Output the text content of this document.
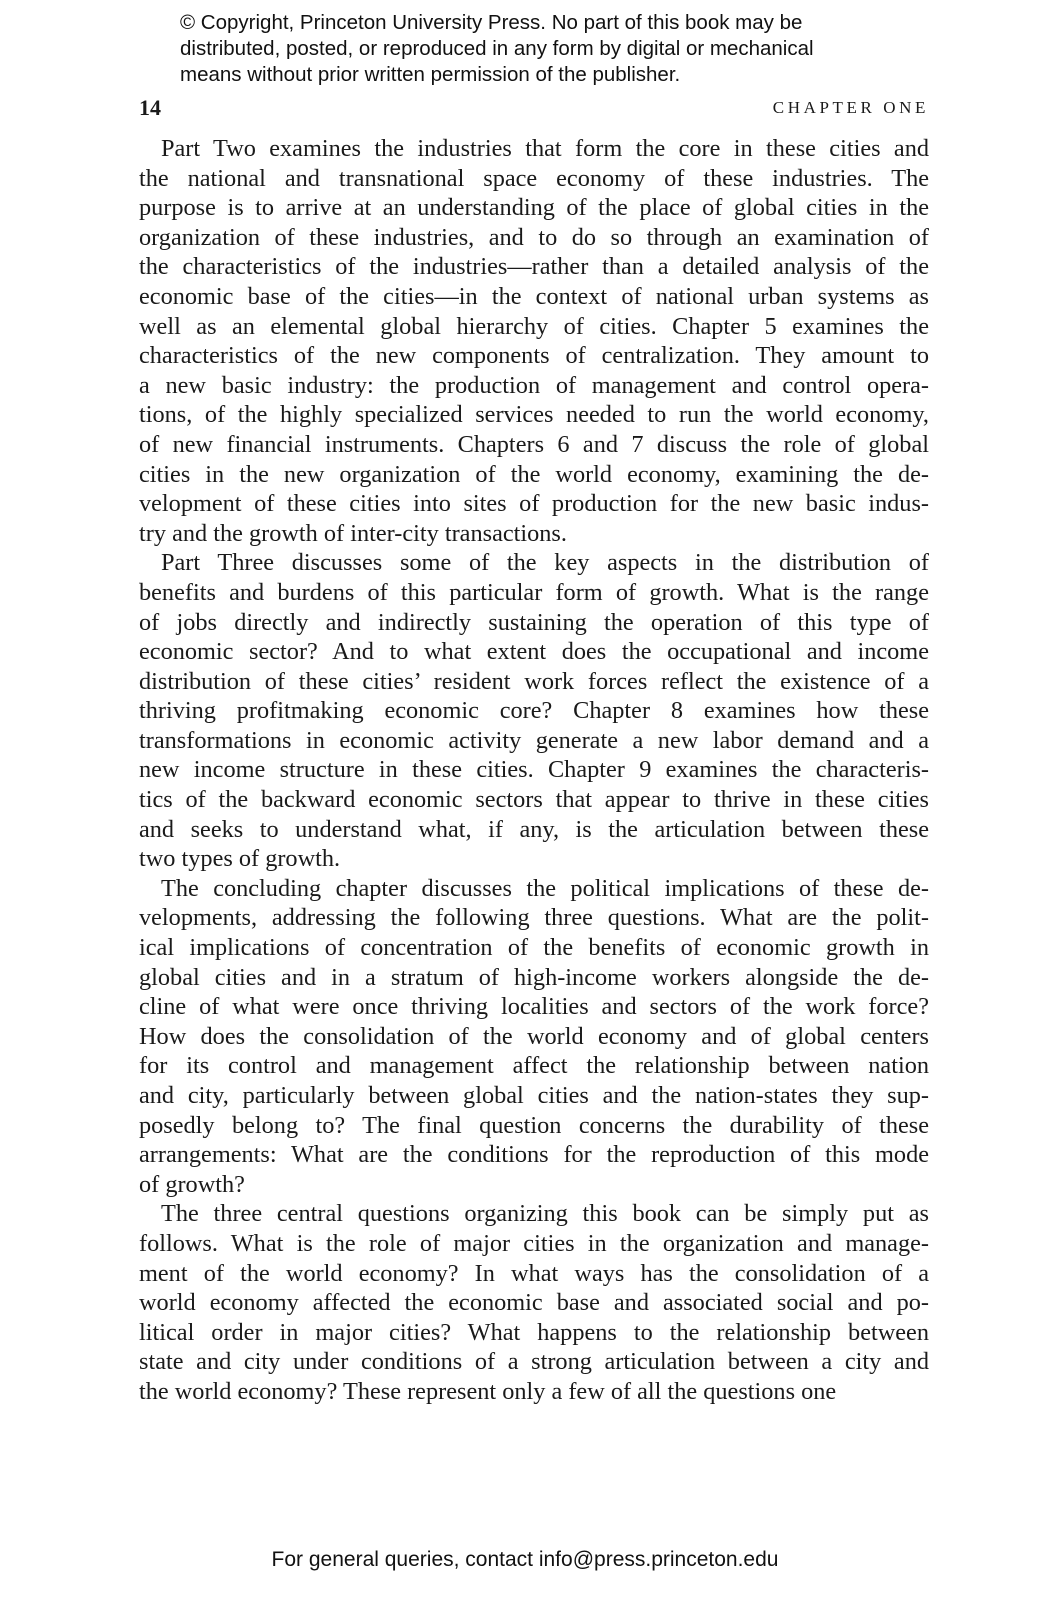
© Copyright, Princeton University Press. No part of this book may be
distributed, posted, or reproduced in any form by digital or mechanical
means without prior written permission of the publisher.
14	CHAPTER ONE
Part Two examines the industries that form the core in these cities and
the national and transnational space economy of these industries. The
purpose is to arrive at an understanding of the place of global cities in the
organization of these industries, and to do so through an examination of
the characteristics of the industries—rather than a detailed analysis of the
economic base of the cities—in the context of national urban systems as
well as an elemental global hierarchy of cities. Chapter 5 examines the
characteristics of the new components of centralization. They amount to
a new basic industry: the production of management and control opera-
tions, of the highly specialized services needed to run the world economy,
of new financial instruments. Chapters 6 and 7 discuss the role of global
cities in the new organization of the world economy, examining the de-
velopment of these cities into sites of production for the new basic indus-
try and the growth of inter-city transactions.
Part Three discusses some of the key aspects in the distribution of
benefits and burdens of this particular form of growth. What is the range
of jobs directly and indirectly sustaining the operation of this type of
economic sector? And to what extent does the occupational and income
distribution of these cities’ resident work forces reflect the existence of a
thriving profitmaking economic core? Chapter 8 examines how these
transformations in economic activity generate a new labor demand and a
new income structure in these cities. Chapter 9 examines the characteris-
tics of the backward economic sectors that appear to thrive in these cities
and seeks to understand what, if any, is the articulation between these
two types of growth.
The concluding chapter discusses the political implications of these de-
velopments, addressing the following three questions. What are the polit-
ical implications of concentration of the benefits of economic growth in
global cities and in a stratum of high-income workers alongside the de-
cline of what were once thriving localities and sectors of the work force?
How does the consolidation of the world economy and of global centers
for its control and management affect the relationship between nation
and city, particularly between global cities and the nation-states they sup-
posedly belong to? The final question concerns the durability of these
arrangements: What are the conditions for the reproduction of this mode
of growth?
The three central questions organizing this book can be simply put as
follows. What is the role of major cities in the organization and manage-
ment of the world economy? In what ways has the consolidation of a
world economy affected the economic base and associated social and po-
litical order in major cities? What happens to the relationship between
state and city under conditions of a strong articulation between a city and
the world economy? These represent only a few of all the questions one
For general queries, contact info@press.princeton.edu
